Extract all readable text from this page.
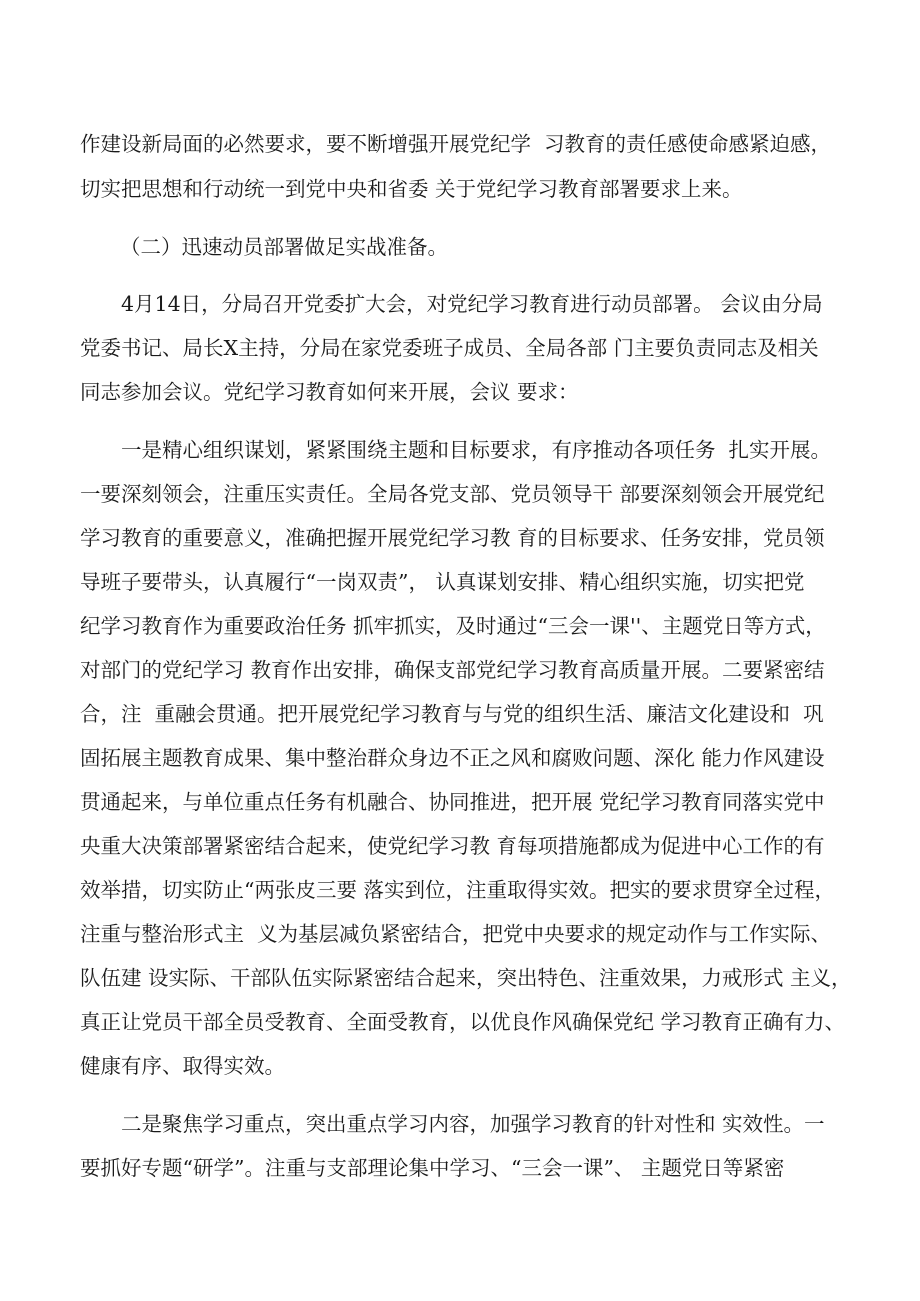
作建设新局面的必然要求，要不断增强开展党纪学  习教育的责任感使命感紧迫感，
切实把思想和行动统一到党中央和省委 关于党纪学习教育部署要求上来。
（二）迅速动员部署做足实战准备。
4月14日，分局召开党委扩大会，对党纪学习教育进行动员部署。 会议由分局
党委书记、局长X主持，分局在家党委班子成员、全局各部 门主要负责同志及相关
同志参加会议。党纪学习教育如何来开展，会议 要求：
一是精心组织谋划，紧紧围绕主题和目标要求，有序推动各项任务  扎实开展。
一要深刻领会，注重压实责任。全局各党支部、党员领导干 部要深刻领会开展党纪
学习教育的重要意义，准确把握开展党纪学习教 育的目标要求、任务安排，党员领
导班子要带头，认真履行“一岗双责”， 认真谋划安排、精心组织实施，切实把党
纪学习教育作为重要政治任务 抓牢抓实，及时通过“三会一课''、主题党日等方式，
对部门的党纪学习 教育作出安排，确保支部党纪学习教育高质量开展。二要紧密结
合，注  重融会贯通。把开展党纪学习教育与与党的组织生活、廉洁文化建设和  巩
固拓展主题教育成果、集中整治群众身边不正之风和腐败问题、深化 能力作风建设
贯通起来，与单位重点任务有机融合、协同推进，把开展 党纪学习教育同落实党中
央重大决策部署紧密结合起来，使党纪学习教 育每项措施都成为促进中心工作的有
效举措，切实防止“两张皮三要 落实到位，注重取得实效。把实的要求贯穿全过程，
注重与整治形式主  义为基层减负紧密结合，把党中央要求的规定动作与工作实际、
队伍建 设实际、干部队伍实际紧密结合起来，突出特色、注重效果，力戒形式 主义，
真正让党员干部全员受教育、全面受教育，以优良作风确保党纪 学习教育正确有力、
健康有序、取得实效。
二是聚焦学习重点，突出重点学习内容，加强学习教育的针对性和 实效性。一
要抓好专题“研学”。注重与支部理论集中学习、“三会一课”、 主题党日等紧密
